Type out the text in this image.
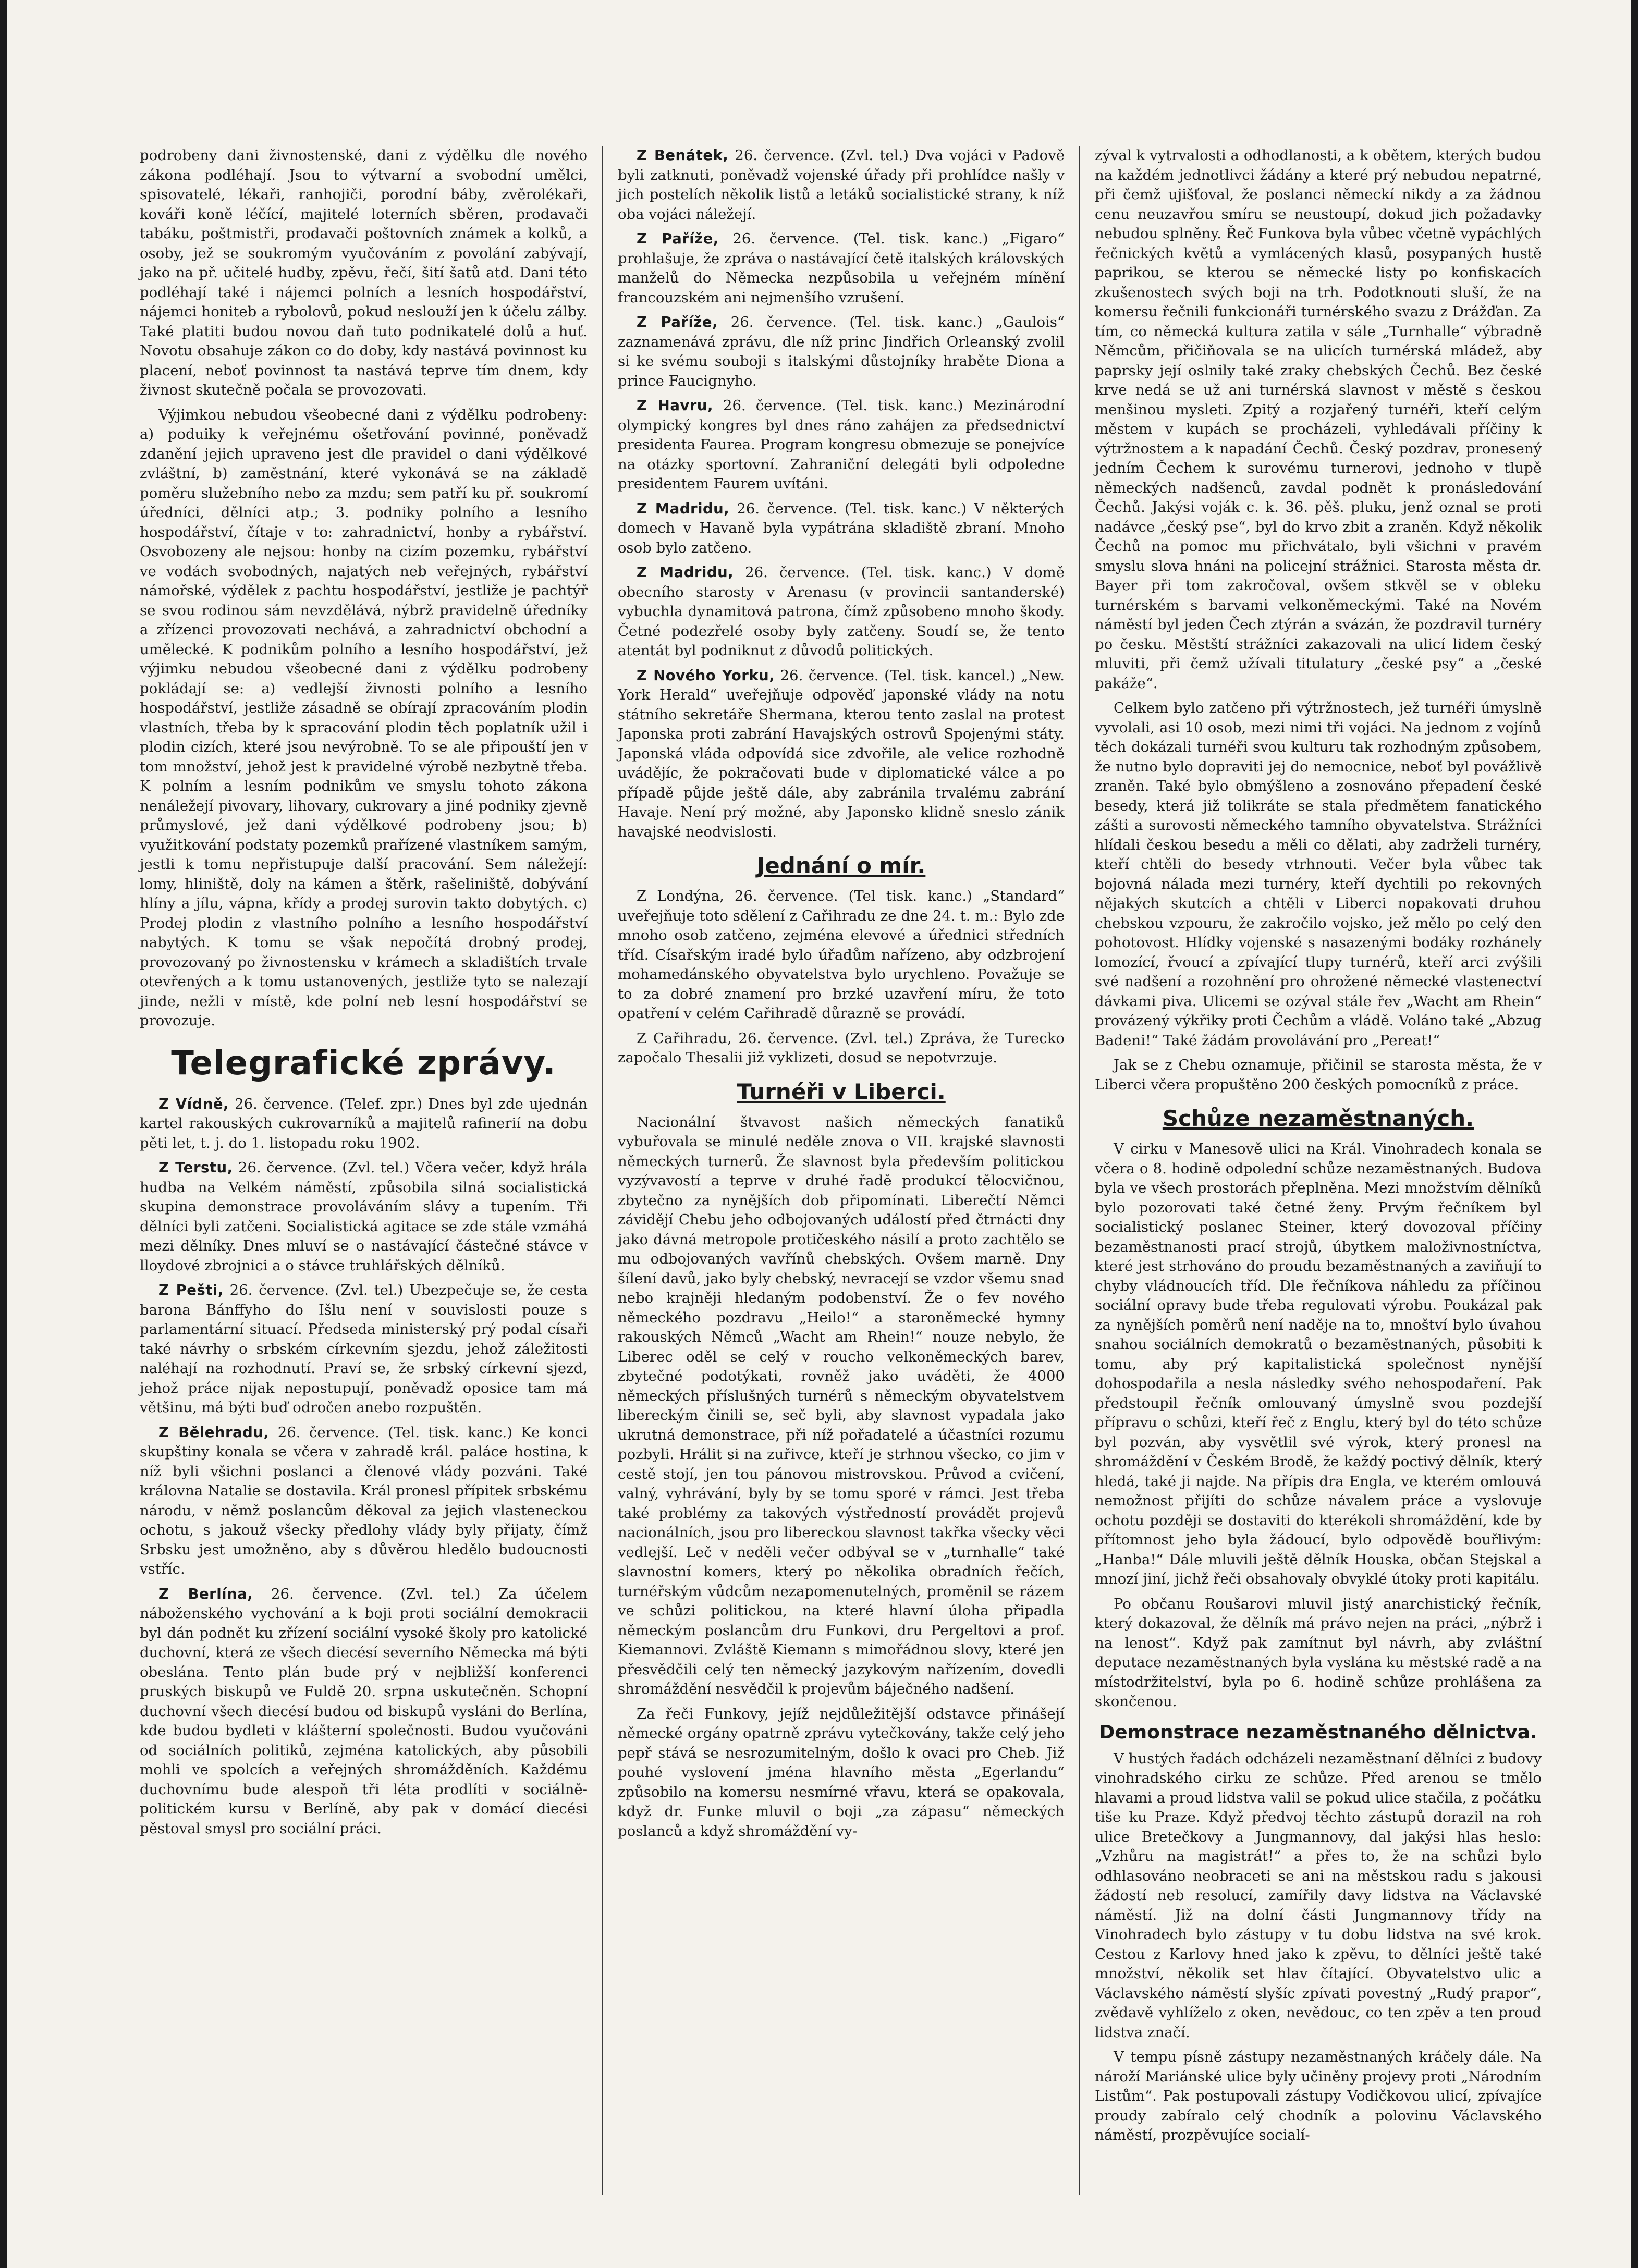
podrobeny dani živnostenské, dani z výdělku dle nového zákona podléhají. Jsou to výtvarní a svobodní umělci, spisovatelé, lékaři, ranhojiči, porodní báby, zvěrolékaři, kováři koně léčící, majitelé loterních sběren, prodavači tabáku, poštmistři, prodavači poštovních známek a kolků, a osoby, jež se soukromým vyučováním z povolání zabývají, jako na př. učitelé hudby, zpěvu, řečí, šití šatů atd. Dani této podléhají také i nájemci polních a lesních hospodářství, nájemci honiteb a rybolovů, pokud neslouží jen k účelu zálby. Také platiti budou novou daň tuto podnikatelé dolů a huť. Novotu obsahuje zákon co do doby, kdy nastává povinnost ku placení, neboť povinnost ta nastává teprve tím dnem, kdy živnost skutečně počala se provozovati.

Výjimkou nebudou všeobecné dani z výdělku podrobeny: a) poduiky k veřejnému ošetřování povinné, poněvadž zdanění jejich upraveno jest dle pravidel o dani výdělkové zvláštní, b) zaměstnání, které vykonává se na základě poměru služebního nebo za mzdu; sem patří ku př. soukromí úředníci, dělníci atp.; 3. podniky polního a lesního hospodářství, čítaje v to: zahradnictví, honby a rybářství. Osvobozeny ale nejsou: honby na cizím pozemku, rybářství ve vodách svobodných, najatých neb veřejných, rybářství námořské, výdělek z pachtu hospodářství, jestliže je pachtýř se svou rodinou sám nevzdělává, nýbrž pravidelně úředníky a zřízenci provozovati nechává, a zahradnictví obchodní a umělecké. K podnikům polního a lesního hospodářství, jež výjimku nebudou všeobecné dani z výdělku podrobeny pokládají se: a) vedlejší živnosti polního a lesního hospodářství, jestliže zásadně se obírají zpracováním plodin vlastních, třeba by k spracování plodin těch poplatník užil i plodin cizích, které jsou nevýrobně. To se ale připouští jen v tom množství, jehož jest k pravidelné výrobě nezbytně třeba. K polním a lesním podnikům ve smyslu tohoto zákona nenáležejí pivovary, lihovary, cukrovary a jiné podniky zjevně průmyslové, jež dani výdělkové podrobeny jsou; b) využitkování podstaty pozemků prařízené vlastníkem samým, jestli k tomu nepřistupuje další pracování. Sem náležejí: lomy, hliniště, doly na kámen a štěrk, rašeliniště, dobývání hlíny a jílu, vápna, křídy a prodej surovin takto dobytých. c) Prodej plodin z vlastního polního a lesního hospodářství nabytých. K tomu se však nepočítá drobný prodej, provozovaný po živnostensku v krámech a skladištích trvale otevřených a k tomu ustanovených, jestliže tyto se nalezají jinde, nežli v místě, kde polní neb lesní hospodářství se provozuje.

Telegrafické zprávy.

Z Vídně, 26. července. (Telef. zpr.) Dnes byl zde ujednán kartel rakouských cukrovarníků a majitelů rafinerií na dobu pěti let, t. j. do 1. listopadu roku 1902.

Z Terstu, 26. července. (Zvl. tel.) Včera večer, když hrála hudba na Velkém náměstí, způsobila silná socialistická skupina demonstrace provoláváním slávy a tupením. Tři dělníci byli zatčeni. Socialistická agitace se zde stále vzmáhá mezi dělníky. Dnes mluví se o nastávající částečné stávce v lloydové zbrojnici a o stávce truhlářských dělníků.

Z Pešti, 26. července. (Zvl. tel.) Ubezpečuje se, že cesta barona Bánffyho do Išlu není v souvislosti pouze s parlamentární situací. Předseda ministerský prý podal císaři také návrhy o srbském církevním sjezdu, jehož záležitosti naléhají na rozhodnutí. Praví se, že srbský církevní sjezd, jehož práce nijak nepostupují, poněvadž oposice tam má většinu, má býti buď odročen anebo rozpuštěn.

Z Bělehradu, 26. července. (Tel. tisk. kanc.) Ke konci skupštiny konala se včera v zahradě král. paláce hostina, k níž byli všichni poslanci a členové vlády pozváni. Také královna Natalie se dostavila. Král pronesl přípitek srbskému národu, v němž poslancům děkoval za jejich vlasteneckou ochotu, s jakouž všecky předlohy vlády byly přijaty, čímž Srbsku jest umožněno, aby s důvěrou hledělo budoucnosti vstříc.

Z Berlína, 26. července. (Zvl. tel.) Za účelem náboženského vychování a k boji proti sociální demokracii byl dán podnět ku zřízení sociální vysoké školy pro katolické duchovní, která ze všech diecésí severního Německa má býti obeslána. Tento plán bude prý v nejbližší konferenci pruských biskupů ve Fuldě 20. srpna uskutečněn. Schopní duchovní všech diecésí budou od biskupů vysláni do Berlína, kde budou bydleti v klášterní společnosti. Budou vyučováni od sociálních politiků, zejména katolických, aby působili mohli ve spolcích a veřejných shromážděních. Každému duchovnímu bude alespoň tři léta prodlíti v sociálně-politickém kursu v Berlíně, aby pak v domácí diecési pěstoval smysl pro sociální práci.

Z Benátek, 26. července. (Zvl. tel.) Dva vojáci v Padově byli zatknuti, poněvadž vojenské úřady při prohlídce našly v jich postelích několik listů a letáků socialistické strany, k níž oba vojáci náležejí.

Z Paříže, 26. července. (Tel. tisk. kanc.) „Figaro“ prohlašuje, že zpráva o nastávající četě italských královských manželů do Německa nezpůsobila u veřejném mínění francouzském ani nejmenšího vzrušení.

Z Paříže, 26. července. (Tel. tisk. kanc.) „Gaulois“ zaznamenává zprávu, dle níž princ Jindřich Orleanský zvolil si ke svému souboji s italskými důstojníky hraběte Diona a prince Faucignyho.

Z Havru, 26. července. (Tel. tisk. kanc.) Mezinárodní olympický kongres byl dnes ráno zahájen za předsednictví presidenta Faurea. Program kongresu obmezuje se ponejvíce na otázky sportovní. Zahraniční delegáti byli odpoledne presidentem Faurem uvítáni.

Z Madridu, 26. července. (Tel. tisk. kanc.) V některých domech v Havaně byla vypátrána skladiště zbraní. Mnoho osob bylo zatčeno.

Z Madridu, 26. července. (Tel. tisk. kanc.) V domě obecního starosty v Arenasu (v provincii santanderské) vybuchla dynamitová patrona, čímž způsobeno mnoho škody. Četné podezřelé osoby byly zatčeny. Soudí se, že tento atentát byl podniknut z důvodů politických.

Z Nového Yorku, 26. července. (Tel. tisk. kancel.) „New. York Herald“ uveřejňuje odpověď japonské vlády na notu státního sekretáře Shermana, kterou tento zaslal na protest Japonska proti zabrání Havajských ostrovů Spojenými státy. Japonská vláda odpovídá sice zdvořile, ale velice rozhodně uvádějíc, že pokračovati bude v diplomatické válce a po případě půjde ještě dále, aby zabránila trvalému zabrání Havaje. Není prý možné, aby Japonsko klidně sneslo zánik havajské neodvislosti.

Jednání o mír.

Z Londýna, 26. července. (Tel tisk. kanc.) „Standard“ uveřejňuje toto sdělení z Cařihradu ze dne 24. t. m.: Bylo zde mnoho osob zatčeno, zejména elevové a úřednici středních tříd. Císařským iradé bylo úřadům nařízeno, aby odzbrojení mohamedánského obyvatelstva bylo urychleno. Považuje se to za dobré znamení pro brzké uzavření míru, že toto opatření v celém Cařihradě důrazně se provádí.

Z Cařihradu, 26. července. (Zvl. tel.) Zpráva, že Turecko započalo Thesalii již vyklizeti, dosud se nepotvrzuje.

Turnéři v Liberci.

Nacionální štvavost našich německých fanatiků vybuřovala se minulé neděle znova o VII. krajské slavnosti německých turnerů. Že slavnost byla především politickou vyzývavostí a teprve v druhé řadě produkcí tělocvičnou, zbytečno za nynějších dob připomínati. Liberečtí Němci závidějí Chebu jeho odbojovaných událostí před čtrnácti dny jako dávná metropole protičeského násilí a proto zachtělo se mu odbojovaných vavřínů chebských. Ovšem marně. Dny šílení davů, jako byly chebský, nevracejí se vzdor všemu snad nebo krajněji hledaným podobenství. Že o fev nového německého pozdravu „Heilo!“ a staroněmecké hymny rakouských Němců „Wacht am Rhein!“ nouze nebylo, že Liberec oděl se celý v roucho velkoněmeckých barev, zbytečné podotýkati, rovněž jako uváděti, že 4000 německých příslušných turnérů s německým obyvatelstvem libereckým činili se, seč byli, aby slavnost vypadala jako ukrutná demonstrace, při níž pořadatelé a účastníci rozumu pozbyli. Hrálit si na zuřivce, kteří je strhnou všecko, co jim v cestě stojí, jen tou pánovou mistrovskou. Průvod a cvičení, valný, vyhrávání, byly by se tomu sporé v rámci. Jest třeba také problémy za takových výstředností provádět projevů nacionálních, jsou pro libereckou slavnost takřka všecky věci vedlejší. Leč v neděli večer odbýval se v „turnhalle“ také slavnostní komers, který po několika obradních řečích, turnéřským vůdcům nezapomenutelných, proměnil se rázem ve schůzi politickou, na které hlavní úloha připadla německým poslancům dru Funkovi, dru Pergeltovi a prof. Kiemannovi. Zvláště Kiemann s mimořádnou slovy, které jen přesvědčili celý ten německý jazykovým nařízením, dovedli shromáždění nesvědčil k projevům báječného nadšení.

Za řeči Funkovy, jejíž nejdůležitější odstavce přinášejí německé orgány opatrně zprávu vytečkovány, takže celý jeho pepř stává se nesrozumitelným, došlo k ovaci pro Cheb. Již pouhé vyslovení jména hlavního města „Egerlandu“ způsobilo na komersu nesmírné vřavu, která se opakovala, když dr. Funke mluvil o boji „za zápasu“ německých poslanců a když shromáždění vy-

zýval k vytrvalosti a odhodlanosti, a k obětem, kterých budou na každém jednotlivci žádány a které prý nebudou nepatrné, při čemž ujišťoval, že poslanci německí nikdy a za žádnou cenu neuzavřou smíru se neustoupí, dokud jich požadavky nebudou splněny. Řeč Funkova byla vůbec včetně vypáchlých řečnických květů a vymlácených klasů, posypaných hustě paprikou, se kterou se německé listy po konfiskacích zkušenostech svých boji na trh. Podotknouti sluší, že na komersu řečnili funkcionáři turnérského svazu z Drážďan. Za tím, co německá kultura zatila v sále „Turnhalle“ výbradně Němcům, přičiňovala se na ulicích turnérská mládež, aby paprsky její oslnily také zraky chebských Čechů. Bez české krve nedá se už ani turnérská slavnost v městě s českou menšinou mysleti. Zpitý a rozjařený turnéři, kteří celým městem v kupách se procházeli, vyhledávali příčiny k výtržnostem a k napadání Čechů. Český pozdrav, pronesený jedním Čechem k surovému turnerovi, jednoho v tlupě německých nadšenců, zavdal podnět k pronásledování Čechů. Jakýsi voják c. k. 36. pěš. pluku, jenž oznal se proti nadávce „český pse“, byl do krvo zbit a zraněn. Když několik Čechů na pomoc mu přichvátalo, byli všichni v pravém smyslu slova hnáni na policejní strážnici. Starosta města dr. Bayer při tom zakročoval, ovšem stkvěl se v obleku turnérském s barvami velkoněmeckými. Také na Novém náměstí byl jeden Čech ztýrán a svázán, že pozdravil turnéry po česku. Městští strážníci zakazovali na ulicí lidem český mluviti, při čemž užívali titulatury „české psy“ a „české pakáže“.

Celkem bylo zatčeno při výtržnostech, jež turnéři úmyslně vyvolali, asi 10 osob, mezi nimi tři vojáci. Na jednom z vojínů těch dokázali turnéři svou kulturu tak rozhodným způsobem, že nutno bylo dopraviti jej do nemocnice, neboť byl povážlivě zraněn. Také bylo obmýšleno a zosnováno přepadení české besedy, která již tolikráte se stala předmětem fanatického zášti a surovosti německého tamního obyvatelstva. Strážníci hlídali českou besedu a měli co dělati, aby zadrželi turnéry, kteří chtěli do besedy vtrhnouti. Večer byla vůbec tak bojovná nálada mezi turnéry, kteří dychtili po rekovných nějakých skutcích a chtěli v Liberci nopakovati druhou chebskou vzpouru, že zakročilo vojsko, jež mělo po celý den pohotovost. Hlídky vojenské s nasazenými bodáky rozhánely lomozící, řvoucí a zpívající tlupy turnérů, kteří arci zvýšili své nadšení a rozohnění pro ohrožené německé vlastenectví dávkami piva. Ulicemi se ozýval stále řev „Wacht am Rhein“ provázený výkřiky proti Čechům a vládě. Voláno také „Abzug Badeni!“ Také žádám provolávání pro „Pereat!“

Jak se z Chebu oznamuje, přičinil se starosta města, že v Liberci včera propuštěno 200 českých pomocníků z práce.

Schůze nezaměstnaných.

V cirku v Manesově ulici na Král. Vinohradech konala se včera o 8. hodině odpolední schůze nezaměstnaných. Budova byla ve všech prostorách přeplněna. Mezi množstvím dělníků bylo pozorovati také četné ženy. Prvým řečníkem byl socialistický poslanec Steiner, který dovozoval příčiny bezaměstnanosti prací strojů, úbytkem maloživnostníctva, které jest strhováno do proudu bezaměstnaných a zaviňují to chyby vládnoucích tříd. Dle řečníkova náhledu za příčinou sociální opravy bude třeba regulovati výrobu. Poukázal pak za nynějších poměrů není naděje na to, mnoštví bylo úvahou snahou sociálních demokratů o bezaměstnaných, působiti k tomu, aby prý kapitalistická společnost nynější dohospodařila a nesla následky svého nehospodaření. Pak předstoupil řečník omlouvaný úmyslně svou pozdejší přípravu o schůzi, kteří řeč z Englu, který byl do této schůze byl pozván, aby vysvětlil své výrok, který pronesl na shromáždění v Českém Brodě, že každý poctivý dělník, který hledá, také ji najde. Na přípis dra Engla, ve kterém omlouvá nemožnost přijíti do schůze návalem práce a vyslovuje ochotu později se dostaviti do kterékoli shromáždění, kde by přítomnost jeho byla žádoucí, bylo odpovědě bouřlivým: „Hanba!“ Dále mluvili ještě dělník Houska, občan Stejskal a mnozí jiní, jichž řeči obsahovaly obvyklé útoky proti kapitálu.

Po občanu Roušarovi mluvil jistý anarchistický řečník, který dokazoval, že dělník má právo nejen na práci, „nýbrž i na lenost“. Když pak zamítnut byl návrh, aby zvláštní deputace nezaměstnaných byla vyslána ku městské radě a na místodržitelství, byla po 6. hodině schůze prohlášena za skončenou.

Demonstrace nezaměstnaného dělnictva.

V hustých řadách odcházeli nezaměstnaní dělníci z budovy vinohradského cirku ze schůze. Před arenou se tmělo hlavami a proud lidstva valil se pokud ulice stačila, z počátku tiše ku Praze. Když předvoj těchto zástupů dorazil na roh ulice Bretečkovy a Jungmannovy, dal jakýsi hlas heslo: „Vzhůru na magistrát!“ a přes to, že na schůzi bylo odhlasováno neobraceti se ani na městskou radu s jakousi žádostí neb resolucí, zamířily davy lidstva na Václavské náměstí. Již na dolní části Jungmannovy třídy na Vinohradech bylo zástupy v tu dobu lidstva na své krok. Cestou z Karlovy hned jako k zpěvu, to dělníci ještě také množství, několik set hlav čítající. Obyvatelstvo ulic a Václavského náměstí slyšíc zpívati povestný „Rudý prapor“, zvědavě vyhlíželo z oken, nevědouc, co ten zpěv a ten proud lidstva značí.

V tempu písně zástupy nezaměstnaných kráčely dále. Na nároží Mariánské ulice byly učiněny projevy proti „Národním Listům“. Pak postupovali zástupy Vodičkovou ulicí, zpívajíce proudy zabíralo celý chodník a polovinu Václavského náměstí, prozpěvujíce socialí-
